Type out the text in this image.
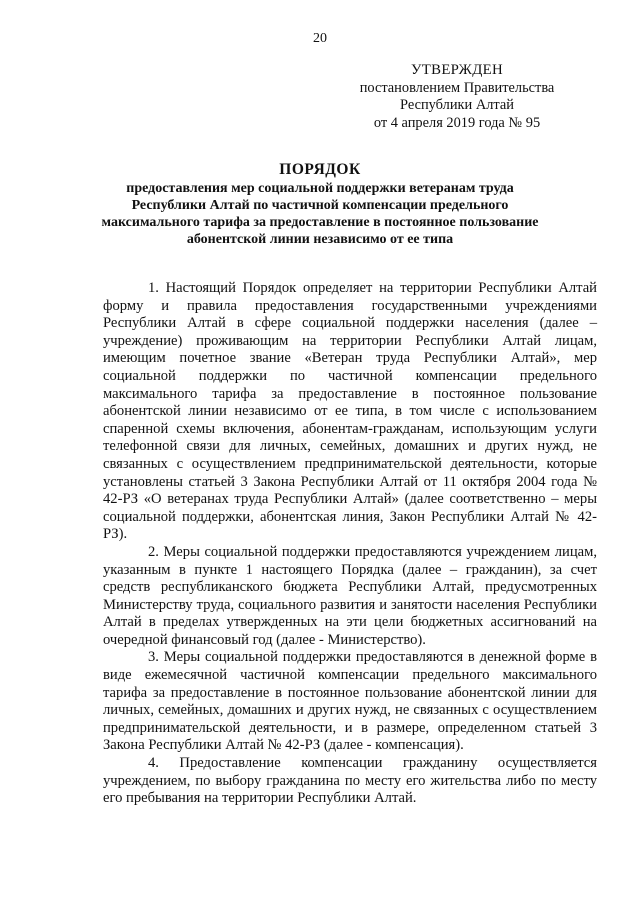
20
УТВЕРЖДЕН
постановлением Правительства
Республики Алтай
от 4 апреля 2019 года № 95
ПОРЯДОК
предоставления мер социальной поддержки ветеранам труда Республики Алтай по частичной компенсации предельного максимального тарифа за предоставление в постоянное пользование абонентской линии независимо от ее типа

1. Настоящий Порядок определяет на территории Республики Алтай форму и правила предоставления государственными учреждениями Республики Алтай в сфере социальной поддержки населения (далее – учреждение) проживающим на территории Республики Алтай лицам, имеющим почетное звание «Ветеран труда Республики Алтай», мер социальной поддержки по частичной компенсации предельного максимального тарифа за предоставление в постоянное пользование абонентской линии независимо от ее типа, в том числе с использованием спаренной схемы включения, абонентам-гражданам, использующим услуги телефонной связи для личных, семейных, домашних и других нужд, не связанных с осуществлением предпринимательской деятельности, которые установлены статьей 3 Закона Республики Алтай от 11 октября 2004 года № 42-РЗ «О ветеранах труда Республики Алтай» (далее соответственно – меры социальной поддержки, абонентская линия, Закон Республики Алтай № 42-РЗ).

2. Меры социальной поддержки предоставляются учреждением лицам, указанным в пункте 1 настоящего Порядка (далее – гражданин), за счет средств республиканского бюджета Республики Алтай, предусмотренных Министерству труда, социального развития и занятости населения Республики Алтай в пределах утвержденных на эти цели бюджетных ассигнований на очередной финансовый год (далее - Министерство).

3. Меры социальной поддержки предоставляются в денежной форме в виде ежемесячной частичной компенсации предельного максимального тарифа за предоставление в постоянное пользование абонентской линии для личных, семейных, домашних и других нужд, не связанных с осуществлением предпринимательской деятельности, и в размере, определенном статьей 3 Закона Республики Алтай № 42-РЗ (далее - компенсация).

4. Предоставление компенсации гражданину осуществляется учреждением, по выбору гражданина по месту его жительства либо по месту его пребывания на территории Республики Алтай.
